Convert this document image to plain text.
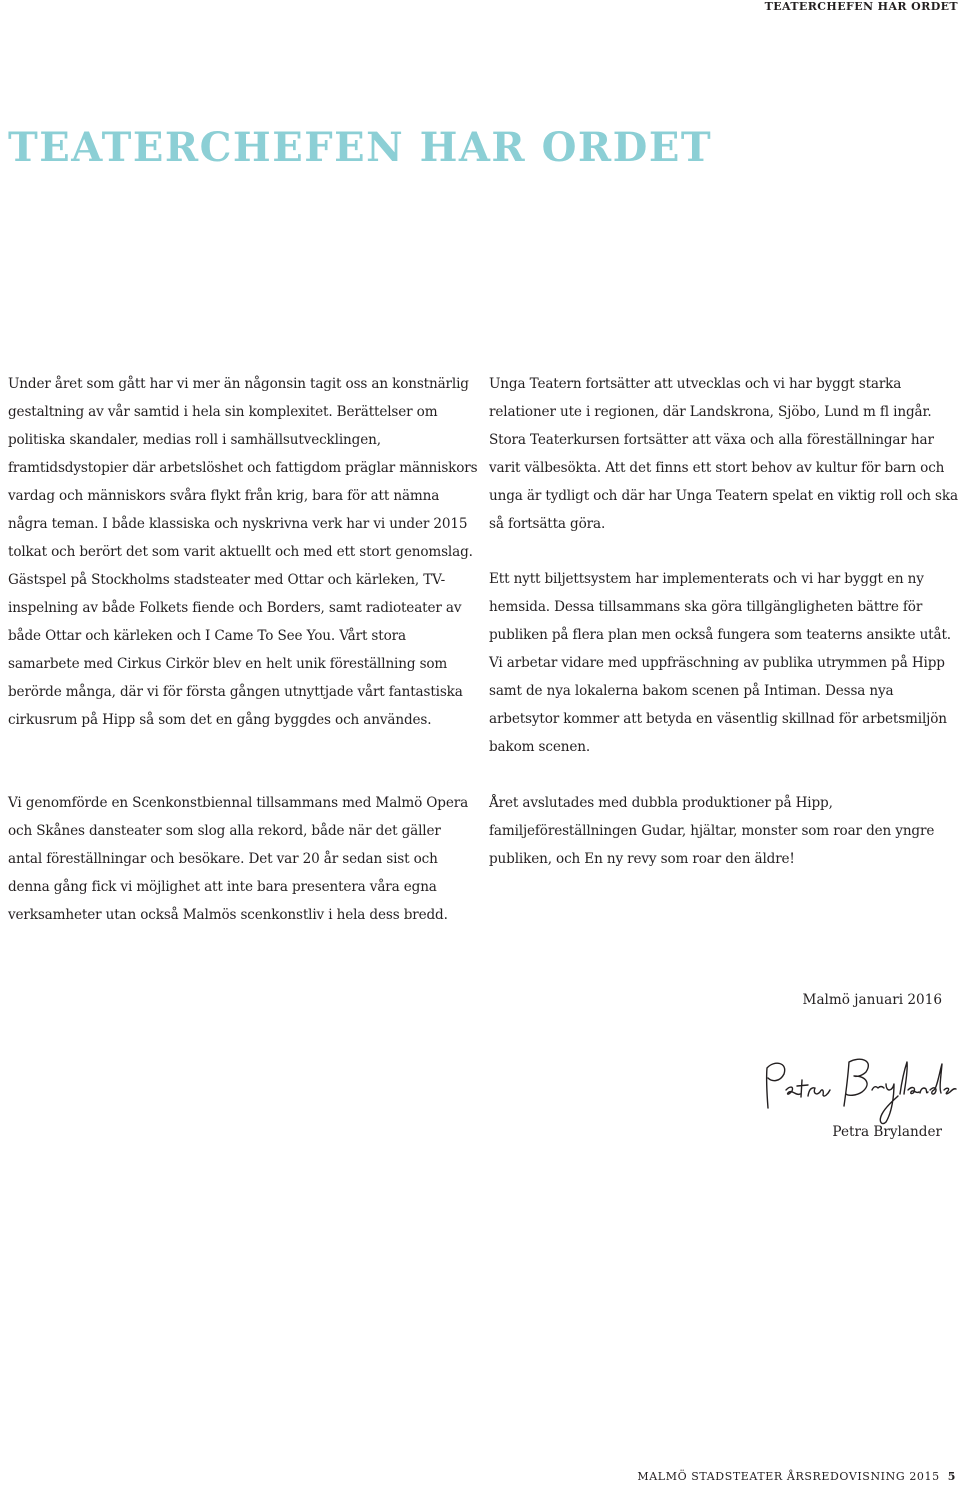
TEATERCHEFEN HAR ORDET
TEATERCHEFEN HAR ORDET

Under året som gått har vi mer än någonsin tagit oss an konstnärlig gestaltning av vår samtid i hela sin komplexitet. Berättelser om politiska skandaler, medias roll i samhällsutvecklingen, framtidsdystopier där arbetslöshet och fattigdom präglar människors vardag och människors svåra flykt från krig, bara för att nämna några teman. I både klassiska och nyskrivna verk har vi under 2015 tolkat och berört det som varit aktuellt och med ett stort genomslag. Gästspel på Stockholms stadsteater med Ottar och kärleken, TV-inspelning av både Folkets fiende och Borders, samt radioteater av både Ottar och kärleken och I Came To See You. Vårt stora samarbete med Cirkus Cirkör blev en helt unik föreställning som berörde många, där vi för första gången utnyttjade vårt fantastiska cirkusrum på Hipp så som det en gång byggdes och användes.

Vi genomförde en Scenkonstbiennal tillsammans med Malmö Opera och Skånes dansteater som slog alla rekord, både när det gäller antal föreställningar och besökare. Det var 20 år sedan sist och denna gång fick vi möjlighet att inte bara presentera våra egna verksamheter utan också Malmös scenkonstliv i hela dess bredd.

Unga Teatern fortsätter att utvecklas och vi har byggt starka relationer ute i regionen, där Landskrona, Sjöbo, Lund m fl ingår. Stora Teaterkursen fortsätter att växa och alla föreställningar har varit välbesökta. Att det finns ett stort behov av kultur för barn och unga är tydligt och där har Unga Teatern spelat en viktig roll och ska så fortsätta göra.

Ett nytt biljettsystem har implementerats och vi har byggt en ny hemsida. Dessa tillsammans ska göra tillgängligheten bättre för publiken på flera plan men också fungera som teaterns ansikte utåt. Vi arbetar vidare med uppfräschning av publika utrymmen på Hipp samt de nya lokalerna bakom scenen på Intiman. Dessa nya arbetsytor kommer att betyda en väsentlig skillnad för arbetsmiljön bakom scenen.

Året avslutades med dubbla produktioner på Hipp, familjeföreställningen Gudar, hjältar, monster som roar den yngre publiken, och En ny revy som roar den äldre!

Malmö januari 2016

Petra Brylander

MALMÖ STADSTEATER ÅRSREDOVISNING 2015 5
